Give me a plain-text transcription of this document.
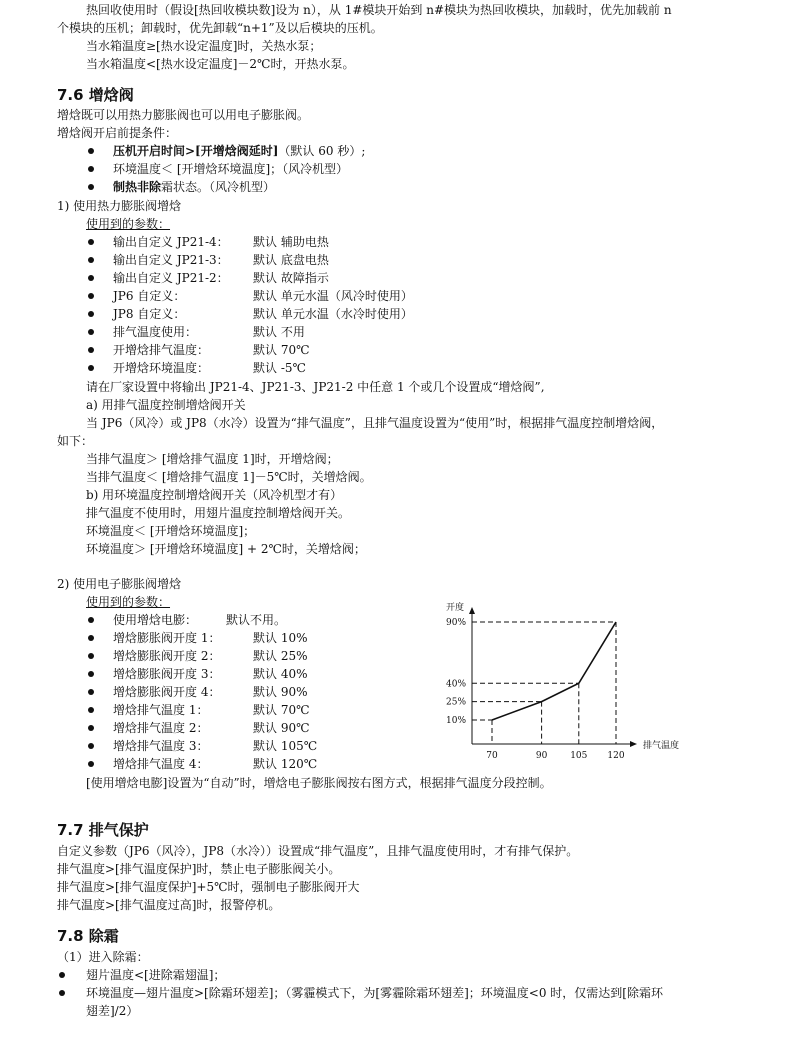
热回收使用时（假设[热回收模块数]设为 n），从 1#模块开始到 n#模块为热回收模块，加载时，优先加载前 n
个模块的压机；卸载时，优先卸载“n+1”及以后模块的压机。
当水箱温度≥[热水设定温度]时，关热水泵；
当水箱温度<[热水设定温度]－2℃时，开热水泵。
7.6 增焓阀
增焓既可以用热力膨胀阀也可以用电子膨胀阀。
增焓阀开启前提条件：
压机开启时间>[开增焓阀延时]（默认 60 秒）;
环境温度＜ [开增焓环境温度]；（风冷机型）
制热非除霜状态。（风冷机型）
1) 使用热力膨胀阀增焓
使用到的参数：
输出自定义 JP21-4： 默认 辅助电热
输出自定义 JP21-3： 默认 底盘电热
输出自定义 JP21-2： 默认 故障指示
JP6 自定义：	默认 单元水温（风冷时使用）
JP8 自定义：	默认 单元水温（水冷时使用）
排气温度使用：	默认 不用
开增焓排气温度：	默认 70℃
开增焓环境温度：	默认 -5℃
请在厂家设置中将输出 JP21-4、JP21-3、JP21-2 中任意 1 个或几个设置成“增焓阀”,
a) 用排气温度控制增焓阀开关
当 JP6（风冷）或 JP8（水冷）设置为“排气温度”，且排气温度设置为“使用”时，根据排气温度控制增焓阀，
如下：
当排气温度＞ [增焓排气温度 1]时，开增焓阀；
当排气温度＜ [增焓排气温度 1]－5℃时，关增焓阀。
b) 用环境温度控制增焓阀开关（风冷机型才有）
排气温度不使用时，用翅片温度控制增焓阀开关。
环境温度＜ [开增焓环境温度]；
环境温度＞ [开增焓环境温度] + 2℃时，关增焓阀；
2) 使用电子膨胀阀增焓
使用到的参数：
使用增焓电膨： 默认不用。
增焓膨胀阀开度 1：	默认 10%
增焓膨胀阀开度 2：	默认 25%
增焓膨胀阀开度 3：	默认 40%
增焓膨胀阀开度 4：	默认 90%
增焓排气温度 1：	默认 70℃
增焓排气温度 2：	默认 90℃
增焓排气温度 3：	默认 105℃
增焓排气温度 4：	默认 120℃
[使用增焓电膨]设置为“自动”时，增焓电子膨胀阀按右图方式，根据排气温度分段控制。
开度
排气温度
70	90	105 120
90%
40%
25%
10%
7.7 排气保护
自定义参数（JP6（风冷），JP8（水冷））设置成“排气温度”，且排气温度使用时，才有排气保护。
排气温度>[排气温度保护]时，禁止电子膨胀阀关小。
排气温度>[排气温度保护]+5℃时，强制电子膨胀阀开大
排气温度>[排气温度过高]时，报警停机。
7.8 除霜
（1）进入除霜：
翅片温度<[进除霜翅温]；
环境温度—翅片温度>[除霜环翅差]；（雾霾模式下，为[雾霾除霜环翅差]；环境温度<0 时，仅需达到[除霜环
翅差]/2）
